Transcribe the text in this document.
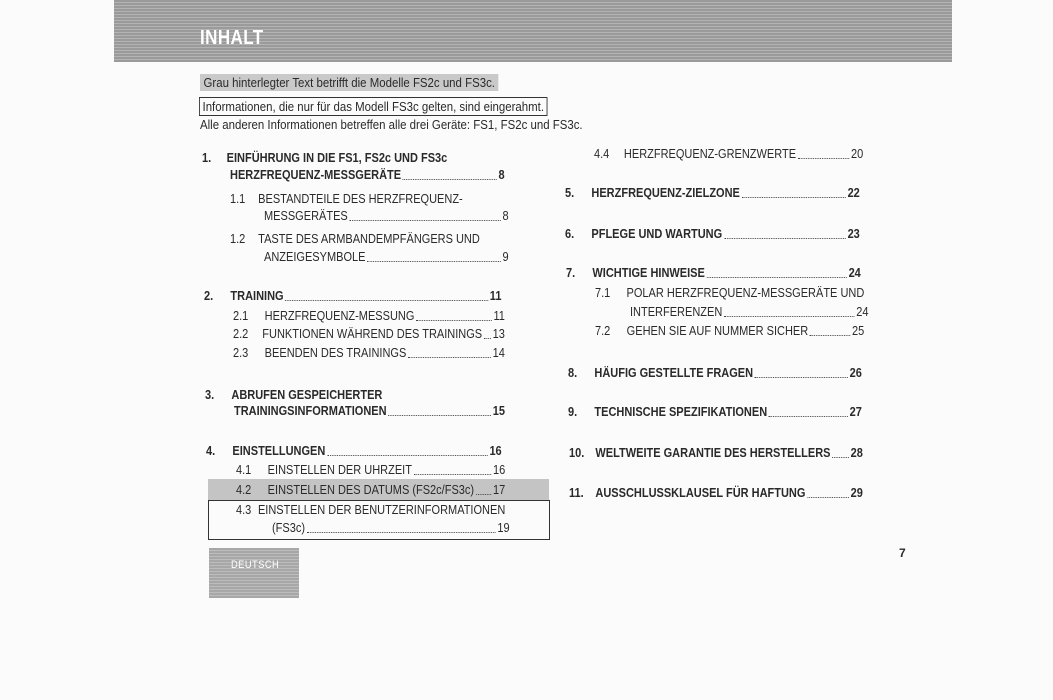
INHALT
Grau hinterlegter Text betrifft die Modelle FS2c und FS3c.
Informationen, die nur für das Modell FS3c gelten, sind eingerahmt.
Alle anderen Informationen betreffen alle drei Geräte: FS1, FS2c und FS3c.
1.	EINFÜHRUNG IN DIE FS1, FS2c UND FS3c
HERZFREQUENZ-MESSGERÄTE	8
1.1	BESTANDTEILE DES HERZFREQUENZ-
MESSGERÄTES	8
1.2	TASTE DES ARMBANDEMPFÄNGERS UND
ANZEIGESYMBOLE	9
2.	TRAINING	11
2.1	HERZFREQUENZ-MESSUNG	11
2.2	FUNKTIONEN WÄHREND DES TRAININGS 13
2.3	BEENDEN DES TRAININGS	14
3.	ABRUFEN GESPEICHERTER
TRAININGSINFORMATIONEN	15
4.	EINSTELLUNGEN	16
4.1	EINSTELLEN DER UHRZEIT	16
4.2	EINSTELLEN DES DATUMS (FS2c/FS3c) 17
4.3 EINSTELLEN DER BENUTZERINFORMATIONEN
(FS3c)	19
4.4	HERZFREQUENZ-GRENZWERTE	20
5.	HERZFREQUENZ-ZIELZONE	22
6.	PFLEGE UND WARTUNG	23
7.	WICHTIGE HINWEISE	24
7.1	POLAR HERZFREQUENZ-MESSGERÄTE UND
INTERFERENZEN	24
7.2	GEHEN SIE AUF NUMMER SICHER	25
8.	HÄUFIG GESTELLTE FRAGEN	26
9.	TECHNISCHE SPEZIFIKATIONEN	27
10. WELTWEITE GARANTIE DES HERSTELLERS 28
11. AUSSCHLUSSKLAUSEL FÜR HAFTUNG	29
DEUTSCH
7
